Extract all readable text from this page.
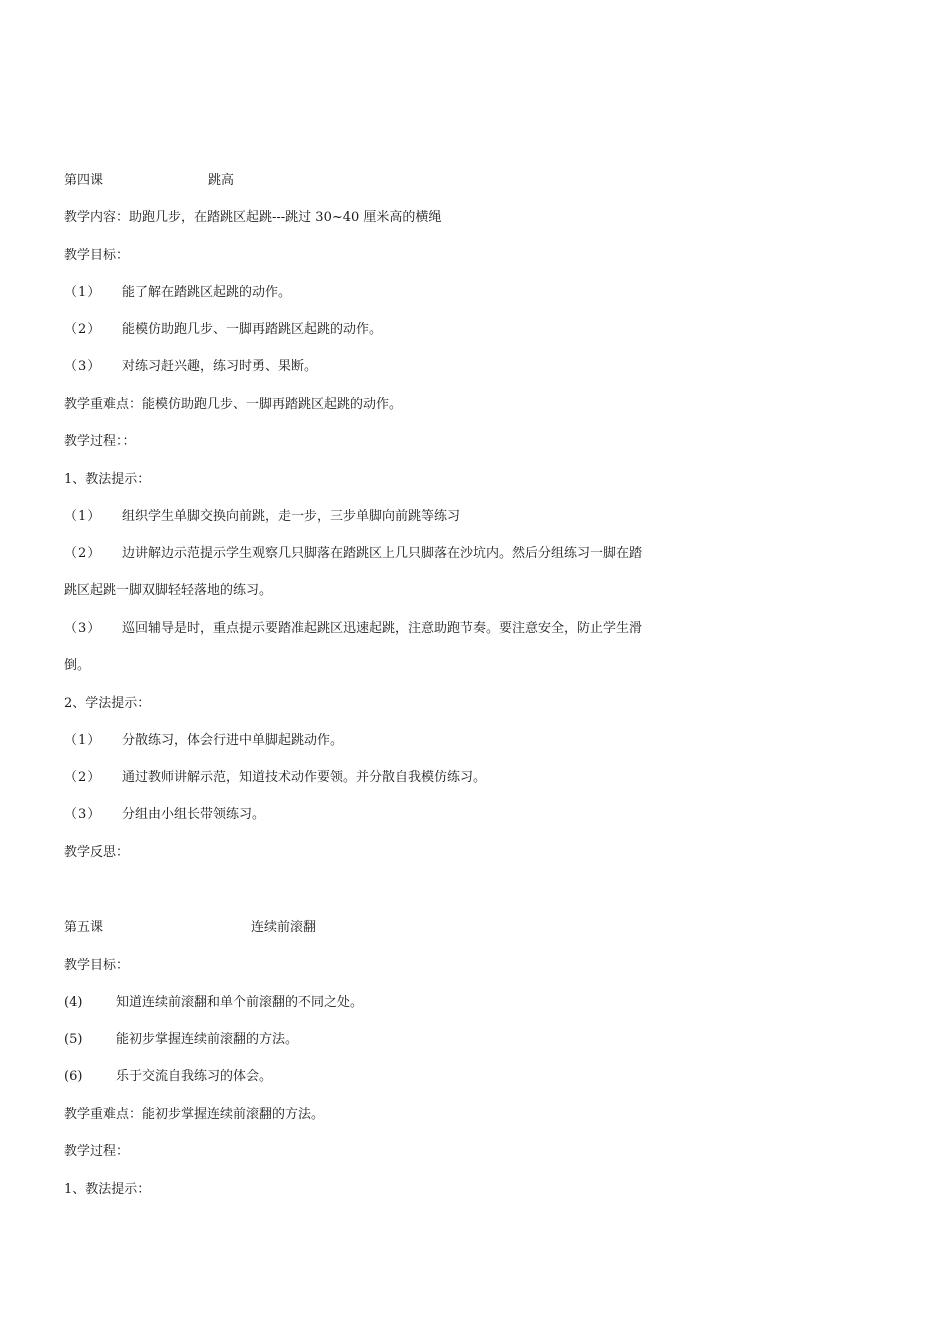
第四课	跳高
教学内容：助跑几步，在踏跳区起跳---跳过 30~40 厘米高的横绳
教学目标：
（1） 能了解在踏跳区起跳的动作。
（2） 能模仿助跑几步、一脚再踏跳区起跳的动作。
（3） 对练习赶兴趣，练习时勇、果断。
教学重难点：能模仿助跑几步、一脚再踏跳区起跳的动作。
教学过程：：
1、教法提示：
（1） 组织学生单脚交换向前跳，走一步，三步单脚向前跳等练习
（2） 边讲解边示范提示学生观察几只脚落在踏跳区上几只脚落在沙坑内。然后分组练习一脚在踏
跳区起跳一脚双脚轻轻落地的练习。
（3） 巡回辅导是时，重点提示要踏准起跳区迅速起跳，注意助跑节奏。要注意安全，防止学生滑
倒。
2、学法提示：
（1） 分散练习，体会行进中单脚起跳动作。
（2） 通过教师讲解示范，知道技术动作要领。并分散自我模仿练习。
（3） 分组由小组长带领练习。
教学反思：
第五课	连续前滚翻
教学目标：
(4)	知道连续前滚翻和单个前滚翻的不同之处。
(5)	能初步掌握连续前滚翻的方法。
(6)	乐于交流自我练习的体会。
教学重难点：能初步掌握连续前滚翻的方法。
教学过程：
1、教法提示：
